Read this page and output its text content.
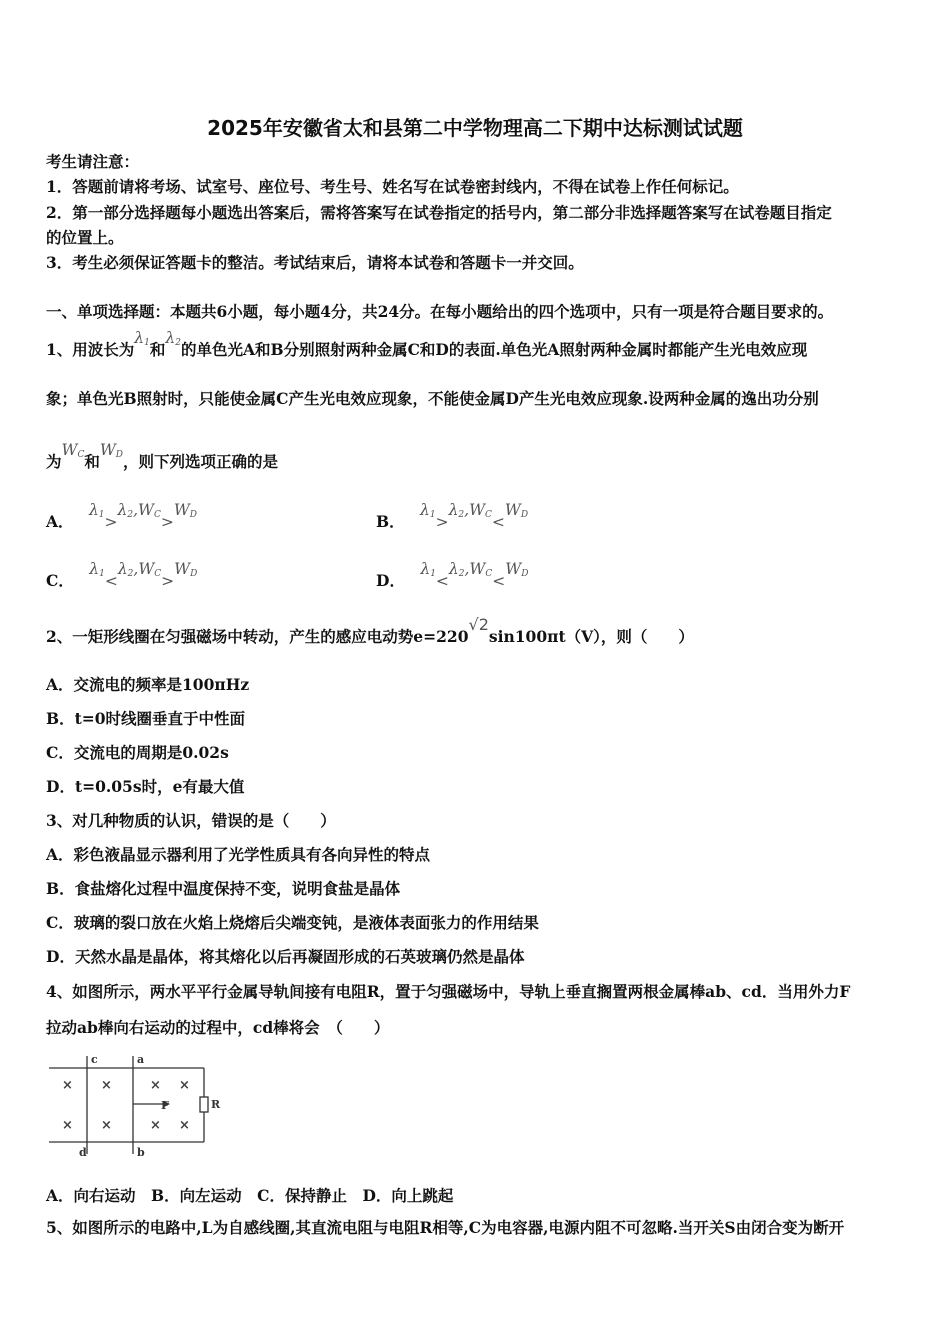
2025年安徽省太和县第二中学物理高二下期中达标测试试题
考生请注意：
1．答题前请将考场、试室号、座位号、考生号、姓名写在试卷密封线内，不得在试卷上作任何标记。
2．第一部分选择题每小题选出答案后，需将答案写在试卷指定的括号内，第二部分非选择题答案写在试卷题目指定
的位置上。
3．考生必须保证答题卡的整洁。考试结束后，请将本试卷和答题卡一并交回。
一、单项选择题：本题共6小题，每小题4分，共24分。在每小题给出的四个选项中，只有一项是符合题目要求的。
1、用波长为$\lambda_1$和$\lambda_2$的单色光A和B分别照射两种金属C和D的表面.单色光A照射两种金属时都能产生光电效应现
象；单色光B照射时，只能使金属C产生光电效应现象，不能使金属D产生光电效应现象.设两种金属的逸出功分别
为$W_C$和$W_D$，则下列选项正确的是
A． $\lambda_1>\lambda_2,W_C>W_D$	B． $\lambda_1>\lambda_2,W_C<W_D$
C． $\lambda_1<\lambda_2,W_C>W_D$	D． $\lambda_1<\lambda_2,W_C<W_D$
2、一矩形线圈在匀强磁场中转动，产生的感应电动势e=220√2sin100πt（V），则（　　）
A．交流电的频率是100πHz
B．t=0时线圈垂直于中性面
C．交流电的周期是0.02s
D．t=0.05s时，e有最大值
3、对几种物质的认识，错误的是（　　）
A．彩色液晶显示器利用了光学性质具有各向异性的特点
B．食盐熔化过程中温度保持不变，说明食盐是晶体
C．玻璃的裂口放在火焰上烧熔后尖端变钝，是液体表面张力的作用结果
D．天然水晶是晶体，将其熔化以后再凝固形成的石英玻璃仍然是晶体
4、如图所示，两水平平行金属导轨间接有电阻R，置于匀强磁场中，导轨上垂直搁置两根金属棒ab、cd．当用外力F
拉动ab棒向右运动的过程中，cd棒将会　（　　）
c	a
d	b
F	R
× ×	× ×
× ×	× ×
A．向右运动　B．向左运动　C．保持静止　D．向上跳起
5、如图所示的电路中,L为自感线圈,其直流电阻与电阻R相等,C为电容器,电源内阻不可忽略.当开关S由闭合变为断开
